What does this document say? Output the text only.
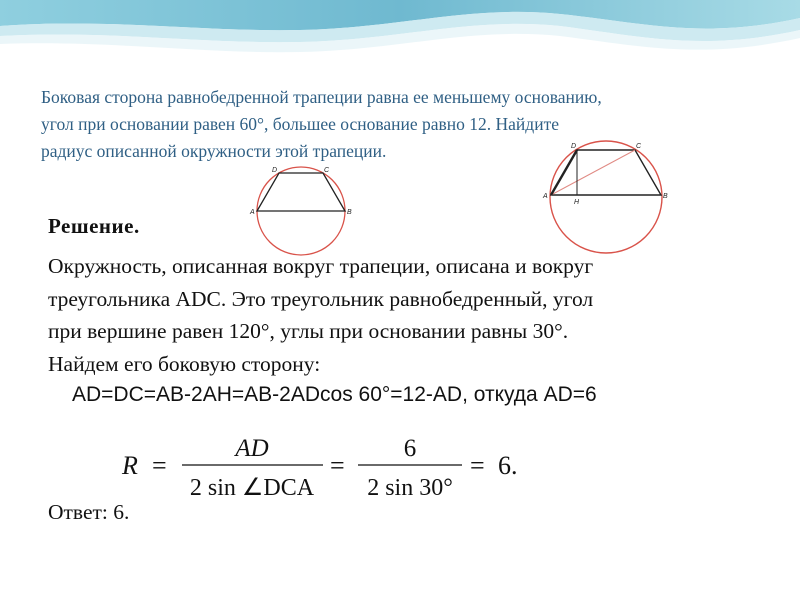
Боковая сторона равнобедренной трапеции равна ее меньшему основанию,
угол при основании равен 60°, большее основание равно 12. Найдите
радиус описанной окружности этой трапеции.
A	B
C
D
A	B
C
D
H
Решение.
Окружность, описанная вокруг трапеции, описана и вокруг
треугольника ADC. Это треугольник равнобедренный, угол
при вершине равен 120°, углы при основании равны 30°.
Найдем его боковую сторону:
AD=DC=AB-2AH=AB-2ADcos 60°=12-AD, откуда AD=6
R =
AD
2 sin ∠DCA
=
6
2 sin 30°
= 6.
Ответ: 6.
